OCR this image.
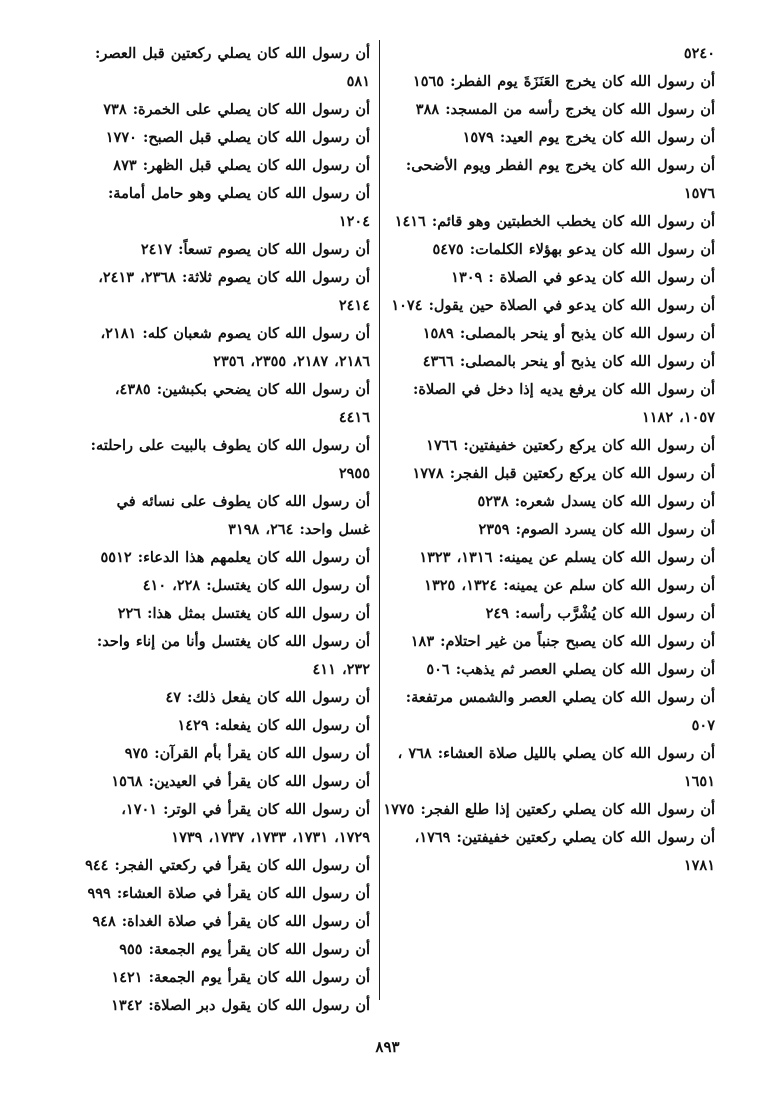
٥٢٤٠

أن رسول الله كان يخرج العَنَزَةَ يوم الفطر: ١٥٦٥

أن رسول الله كان يخرج رأسه من المسجد: ٣٨٨

أن رسول الله كان يخرج يوم العيد: ١٥٧٩

أن رسول الله كان يخرج يوم الفطر ويوم الأضحى: ١٥٧٦

أن رسول الله كان يخطب الخطبتين وهو قائم: ١٤١٦

أن رسول الله كان يدعو بهؤلاء الكلمات: ٥٤٧٥

أن رسول الله كان يدعو في الصلاة : ١٣٠٩

أن رسول الله كان يدعو في الصلاة حين يقول: ١٠٧٤

أن رسول الله كان يذبح أو ينحر بالمصلى: ١٥٨٩

أن رسول الله كان يذبح أو ينحر بالمصلى: ٤٣٦٦

أن رسول الله كان يرفع يديه إذا دخل في الصلاة: ١٠٥٧، ١١٨٢

أن رسول الله كان يركع ركعتين خفيفتين: ١٧٦٦

أن رسول الله كان يركع ركعتين قبل الفجر: ١٧٧٨

أن رسول الله كان يسدل شعره: ٥٢٣٨

أن رسول الله كان يسرد الصوم: ٢٣٥٩

أن رسول الله كان يسلم عن يمينه: ١٣١٦، ١٣٢٣

أن رسول الله كان سلم عن يمينه: ١٣٢٤، ١٣٢٥

أن رسول الله كان يُشْرَّب رأسه: ٢٤٩

أن رسول الله كان يصبح جنباً من غير احتلام: ١٨٣

أن رسول الله كان يصلي العصر ثم يذهب: ٥٠٦

أن رسول الله كان يصلي العصر والشمس مرتفعة: ٥٠٧

أن رسول الله كان يصلي بالليل صلاة العشاء: ٧٦٨ ، ١٦٥١

أن رسول الله كان يصلي ركعتين إذا طلع الفجر: ١٧٧٥

أن رسول الله كان يصلي ركعتين خفيفتين: ١٧٦٩، ١٧٨١

أن رسول الله كان يصلي ركعتين قبل العصر: ٥٨١

أن رسول الله كان يصلي على الخمرة: ٧٣٨

أن رسول الله كان يصلي قبل الصبح: ١٧٧٠

أن رسول الله كان يصلي قبل الظهر: ٨٧٣

أن رسول الله كان يصلي وهو حامل أمامة: ١٢٠٤

أن رسول الله كان يصوم تسعاً: ٢٤١٧

أن رسول الله كان يصوم ثلاثة: ٢٣٦٨، ٢٤١٣، ٢٤١٤

أن رسول الله كان يصوم شعبان كله: ٢١٨١، ٢١٨٦، ٢١٨٧، ٢٣٥٥، ٢٣٥٦

أن رسول الله كان يضحي بكبشين: ٤٣٨٥، ٤٤١٦

أن رسول الله كان يطوف بالبيت على راحلته: ٢٩٥٥

أن رسول الله كان يطوف على نسائه في غسل واحد: ٢٦٤، ٣١٩٨

أن رسول الله كان يعلمهم هذا الدعاء: ٥٥١٢

أن رسول الله كان يغتسل: ٢٢٨، ٤١٠

أن رسول الله كان يغتسل بمثل هذا: ٢٢٦

أن رسول الله كان يغتسل وأنا من إناء واحد: ٢٣٢، ٤١١

أن رسول الله كان يفعل ذلك: ٤٧

أن رسول الله كان يفعله: ١٤٢٩

أن رسول الله كان يقرأ بأم القرآن: ٩٧٥

أن رسول الله كان يقرأ في العيدين: ١٥٦٨

أن رسول الله كان يقرأ في الوتر: ١٧٠١، ١٧٢٩، ١٧٣١، ١٧٣٣، ١٧٣٧، ١٧٣٩

أن رسول الله كان يقرأ في ركعتي الفجر: ٩٤٤

أن رسول الله كان يقرأ في صلاة العشاء: ٩٩٩

أن رسول الله كان يقرأ في صلاة الغداة: ٩٤٨

أن رسول الله كان يقرأ يوم الجمعة: ٩٥٥

أن رسول الله كان يقرأ يوم الجمعة: ١٤٢١

أن رسول الله كان يقول دبر الصلاة: ١٣٤٢

٨٩٣
